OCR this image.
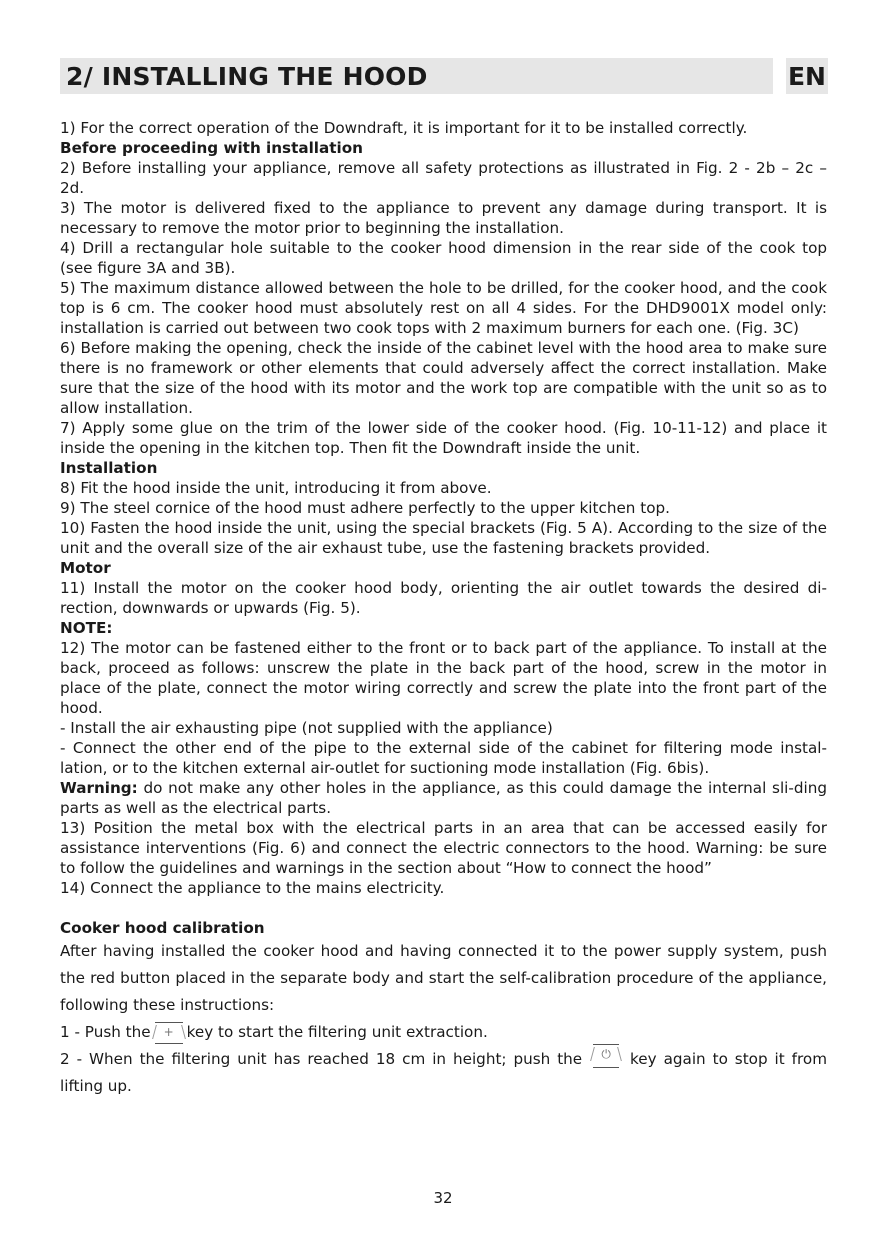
2/ INSTALLING THE HOOD	EN

1) For the correct operation of the Downdraft, it is important for it to be installed correctly.

Before proceeding with installation

2) Before installing your appliance, remove all safety protections as illustrated in Fig. 2 - 2b – 2c – 2d.

3) The motor is delivered fixed to the appliance to prevent any damage during transport. It is necessary to remove the motor prior to beginning the installation.

4) Drill a rectangular hole suitable to the cooker hood dimension in the rear side of the cook top (see figure 3A and 3B).

5) The maximum distance allowed between the hole to be drilled, for the cooker hood, and the cook top is 6 cm. The cooker hood must absolutely rest on all 4 sides. For the DHD9001X model only: installation is carried out between two cook tops with 2 maximum burners for each one. (Fig. 3C)

6) Before making the opening, check the inside of the cabinet level with the hood area to make sure there is no framework or other elements that could adversely affect the correct installation. Make sure that the size of the hood with its motor and the work top are compatible with the unit so as to allow installation.

7) Apply some glue on the trim of the lower side of the cooker hood. (Fig. 10-11-12) and place it inside the opening in the kitchen top. Then fit the Downdraft inside the unit.

Installation

8) Fit the hood inside the unit, introducing it from above.

9) The steel cornice of the hood must adhere perfectly to the upper kitchen top.

10) Fasten the hood inside the unit, using the special brackets (Fig. 5 A). According to the size of the unit and the overall size of the air exhaust tube, use the fastening brackets provided.

Motor

11) Install the motor on the cooker hood body, orienting the air outlet towards the desired di-rection, downwards or upwards (Fig. 5).

NOTE:

12) The motor can be fastened either to the front or to back part of the appliance. To install at the back, proceed as follows: unscrew the plate in the back part of the hood, screw in the motor in place of the plate, connect the motor wiring correctly and screw the plate into the front part of the hood.

- Install the air exhausting pipe (not supplied with the appliance)

- Connect the other end of the pipe to the external side of the cabinet for filtering mode instal-lation, or to the kitchen external air-outlet for suctioning mode installation (Fig. 6bis).

Warning: do not make any other holes in the appliance, as this could damage the internal sli-ding parts as well as the electrical parts.

13) Position the metal box with the electrical parts in an area that can be accessed easily for assistance interventions (Fig. 6) and connect the electric connectors to the hood. Warning: be sure to follow the guidelines and warnings in the section about “How to connect the hood”

14) Connect the appliance to the mains electricity.

Cooker hood calibration

After having installed the cooker hood and having connected it to the power supply system, push the red button placed in the separate body and start the self-calibration procedure of the appliance, following these instructions:

1 - Push the + key to start the filtering unit extraction.

2 - When the filtering unit has reached 18 cm in height; push the ⏻ key again to stop it from lifting up.

32
